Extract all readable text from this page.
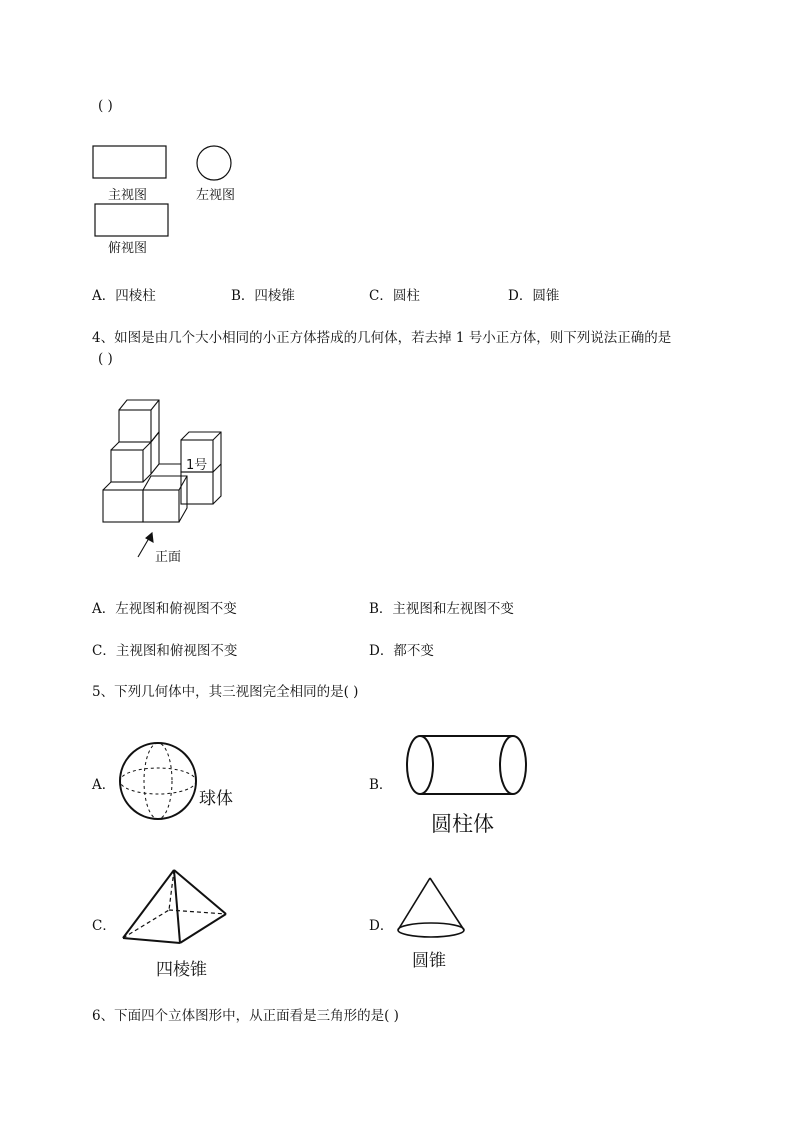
( )
主视图	左视图
俯视图
A．四棱柱	B．四棱锥	C．圆柱	D．圆锥
4、如图是由几个大小相同的小正方体搭成的几何体，若去掉 1 号小正方体，则下列说法正确的是
( )
1号
正面
A．左视图和俯视图不变	B．主视图和左视图不变
C．主视图和俯视图不变	D．都不变
5、下列几何体中，其三视图完全相同的是( )
A．
球体
B．
圆柱体
C．
四棱锥
D．
圆锥
6、下面四个立体图形中，从正面看是三角形的是( )
